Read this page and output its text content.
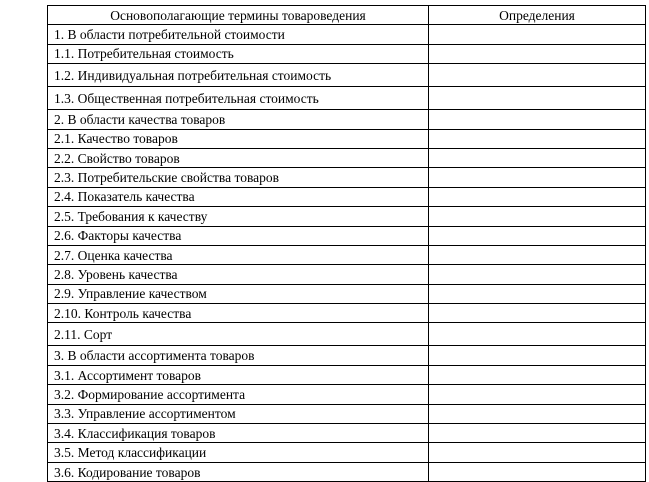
Основополагающие термины товароведения	Определения
1. В области потребительной стоимости	
1.1. Потребительная стоимость	
1.2. Индивидуальная потребительная стоимость	
1.3. Общественная потребительная стоимость	
2. В области качества товаров	
2.1. Качество товаров	
2.2. Свойство товаров	
2.3. Потребительские свойства товаров	
2.4. Показатель качества	
2.5. Требования к качеству	
2.6. Факторы качества	
2.7. Оценка качества	
2.8. Уровень качества	
2.9. Управление качеством	
2.10. Контроль качества	
2.11. Сорт	
3. В области ассортимента товаров	
3.1. Ассортимент товаров	
3.2. Формирование ассортимента	
3.3. Управление ассортиментом	
3.4. Классификация товаров	
3.5. Метод классификации	
3.6. Кодирование товаров	
